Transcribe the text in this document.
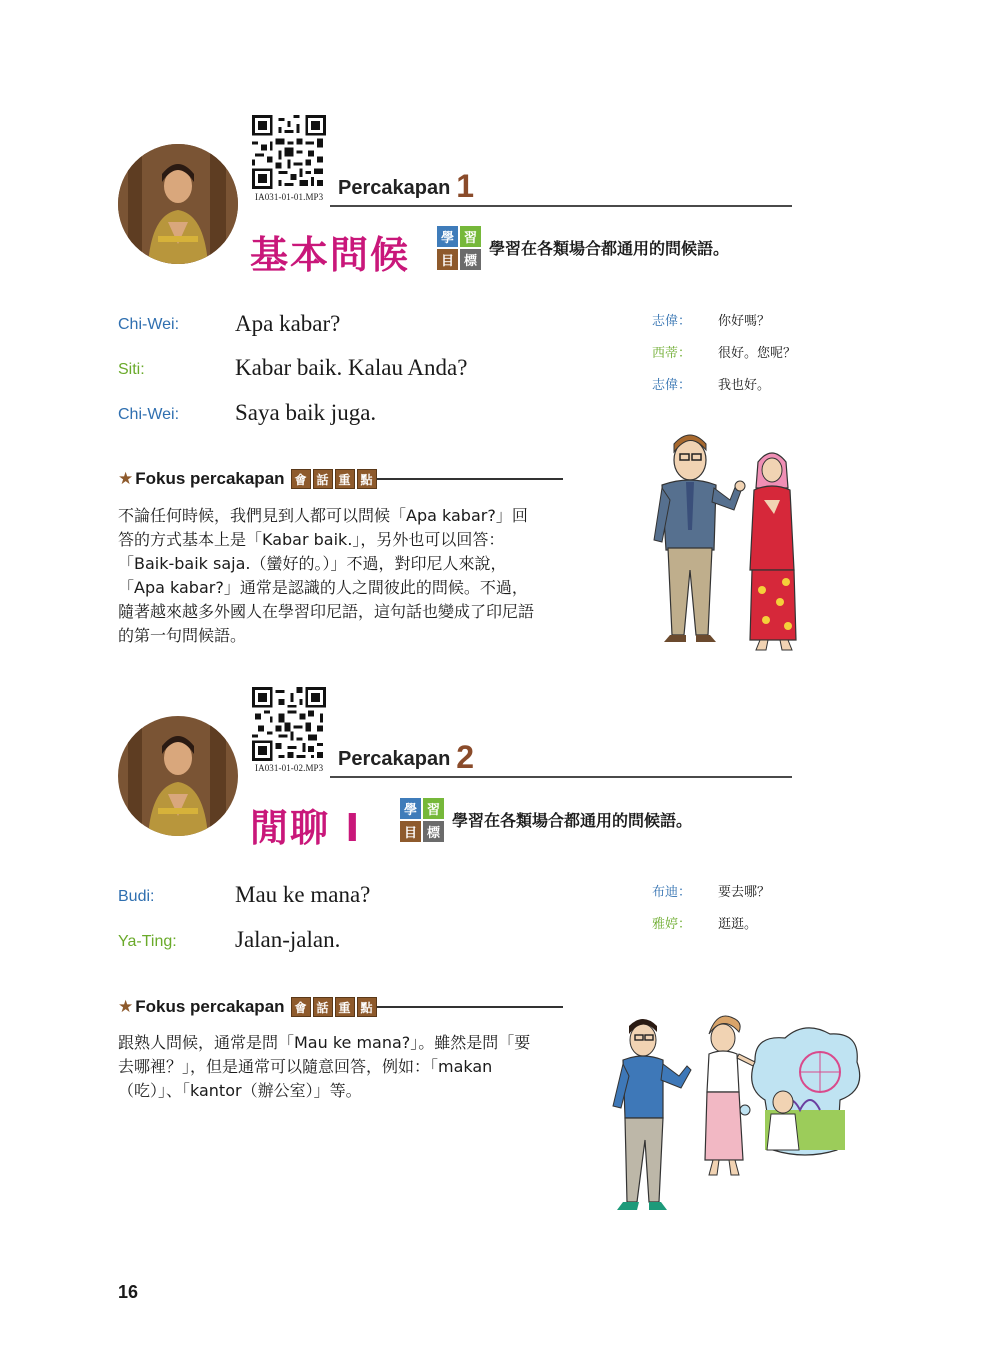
IA031-01-01.MP3 Percakapan 1
基本問候	學 習
目 標
學習在各類場合都通用的問候語。
Chi-Wei: Apa kabar?
Siti:	Kabar baik. Kalau Anda?
Chi-Wei: Saya baik juga.
志偉： 你好嗎？
西蒂： 很好。您呢？
志偉： 我也好。
★ Fokus percakapan 會 話 重 點
不論任何時候，我們見到人都可以問候「Apa kabar?」回
答的方式基本上是「Kabar baik.」，另外也可以回答：
「Baik-baik saja.（蠻好的。）」不過，對印尼人來說，
「Apa kabar?」通常是認識的人之間彼此的問候。不過，
隨著越來越多外國人在學習印尼語，這句話也變成了印尼語
的第一句問候語。
IA031-01-02.MP3 Percakapan 2
閒聊 I	學 習
目 標
學習在各類場合都通用的問候語。
Budi:	Mau ke mana?
Ya-Ting:	Jalan-jalan.
布迪： 要去哪？
雅婷： 逛逛。
★ Fokus percakapan 會 話 重 點
跟熟人問候，通常是問「Mau ke mana?」。雖然是問「要
去哪裡？」，但是通常可以隨意回答，例如：「makan
（吃）」、「kantor（辦公室）」等。
16
